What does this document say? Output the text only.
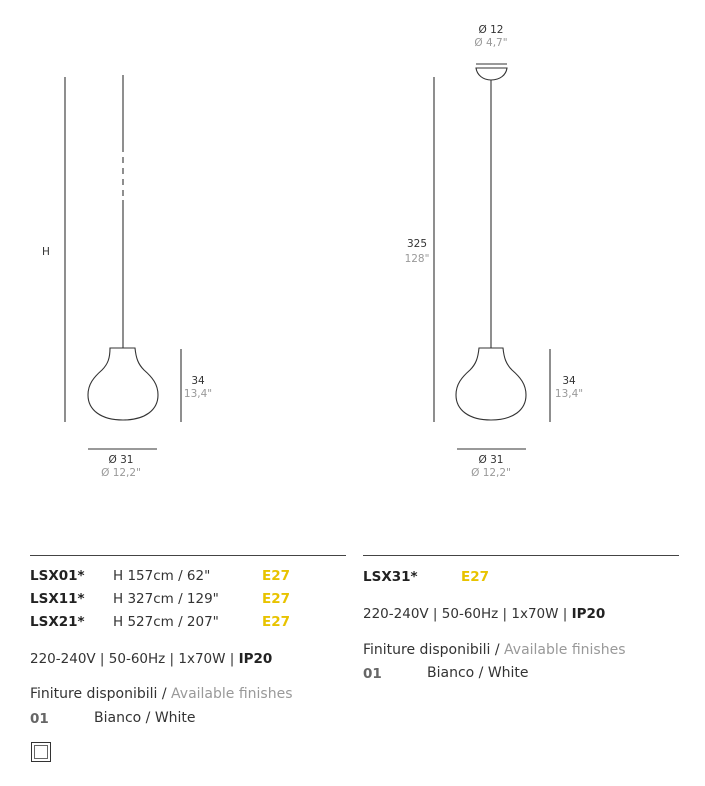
H
34
13,4"
Ø 31
Ø 12,2"
Ø 12
Ø 4,7"
325
128"
34
13,4"
Ø 31
Ø 12,2"
LSX01* H 157cm / 62"	E27
LSX11* H 327cm / 129"	E27
LSX21* H 527cm / 207"	E27
220-240V | 50-60Hz | 1x70W | IP20
Finiture disponibili / Available finishes
01	Bianco / White
LSX31*	E27
220-240V | 50-60Hz | 1x70W | IP20
Finiture disponibili / Available finishes
01	Bianco / White
